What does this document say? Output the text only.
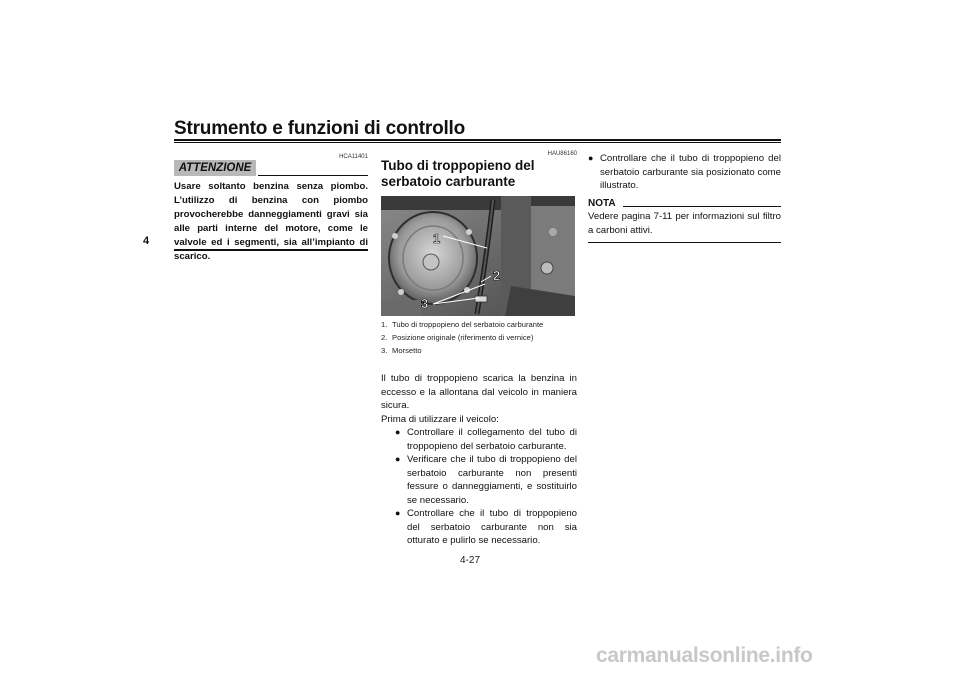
Strumento e funzioni di controllo
4
HCA11401
ATTENZIONE
Usare soltanto benzina senza piombo. L’utilizzo di benzina con piombo provocherebbe danneggiamenti gravi sia alle parti interne del motore, come le valvole ed i segmenti, sia all’impianto di scarico.
HAU86160
Tubo di troppopieno del serbatoio carburante
1
2
3
1. Tubo di troppopieno del serbatoio carburante
2. Posizione originale (riferimento di vernice)
3. Morsetto

Il tubo di troppopieno scarica la benzina in eccesso e la allontana dal veicolo in maniera sicura.

Prima di utilizzare il veicolo:

● Controllare il collegamento del tubo di troppopieno del serbatoio carburante.
● Verificare che il tubo di troppopieno del serbatoio carburante non presenti fessure o danneggiamenti, e sostituirlo se necessario.
● Controllare che il tubo di troppopieno del serbatoio carburante non sia otturato e pulirlo se necessario.
● Controllare che il tubo di troppopieno del serbatoio carburante sia posizionato come illustrato.
NOTA
Vedere pagina 7-11 per informazioni sul filtro a carboni attivi.
4-27
carmanualsonline.info
